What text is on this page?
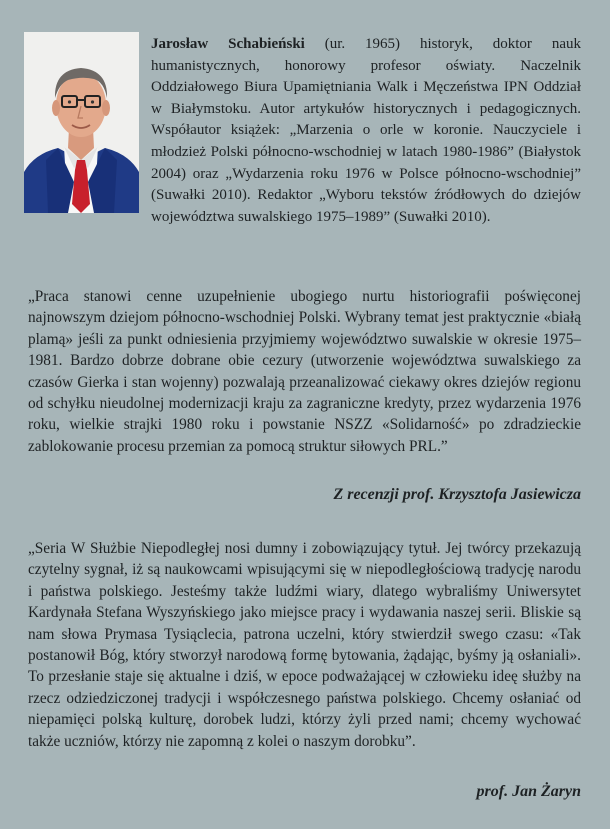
Jarosław Schabieński (ur. 1965) historyk, doktor nauk humanistycznych, honorowy profesor oświaty. Naczelnik Oddziałowego Biura Upamiętniania Walk i Męczeństwa IPN Oddział w Białymstoku. Autor artykułów historycznych i pedagogicznych. Współautor książek: „Marzenia o orle w koronie. Nauczyciele i młodzież Polski północno-wschodniej w latach 1980-1986” (Białystok 2004) oraz „Wydarzenia roku 1976 w Polsce północno-wschodniej” (Suwałki 2010). Redaktor „Wyboru tekstów źródłowych do dziejów województwa suwalskiego 1975–1989” (Suwałki 2010).
„Praca stanowi cenne uzupełnienie ubogiego nurtu historiografii poświęconej najnowszym dziejom północno-wschodniej Polski. Wybrany temat jest praktycznie «białą plamą» jeśli za punkt odniesienia przyjmiemy województwo suwalskie w okresie 1975–1981. Bardzo dobrze dobrane obie cezury (utworzenie województwa suwalskiego za czasów Gierka i stan wojenny) pozwalają przeanalizować ciekawy okres dziejów regionu od schyłku nieudolnej modernizacji kraju za zagraniczne kredyty, przez wydarzenia 1976 roku, wielkie strajki 1980 roku i powstanie NSZZ «Solidarność» po zdradzieckie zablokowanie procesu przemian za pomocą struktur siłowych PRL.”
Z recenzji prof. Krzysztofa Jasiewicza
„Seria W Służbie Niepodległej nosi dumny i zobowiązujący tytuł. Jej twórcy przekazują czytelny sygnał, iż są naukowcami wpisującymi się w niepodległościową tradycję narodu i państwa polskiego. Jesteśmy także ludźmi wiary, dlatego wybraliśmy Uniwersytet Kardynała Stefana Wyszyńskiego jako miejsce pracy i wydawania naszej serii. Bliskie są nam słowa Prymasa Tysiąclecia, patrona uczelni, który stwierdził swego czasu: «Tak postanowił Bóg, który stworzył narodową formę bytowania, żądając, byśmy ją osłaniali». To przesłanie staje się aktualne i dziś, w epoce podważającej w człowieku ideę służby na rzecz odziedziczonej tradycji i współczesnego państwa polskiego. Chcemy osłaniać od niepamięci polską kulturę, dorobek ludzi, którzy żyli przed nami; chcemy wychować także uczniów, którzy nie zapomną z kolei o naszym dorobku”.
prof. Jan Żaryn
